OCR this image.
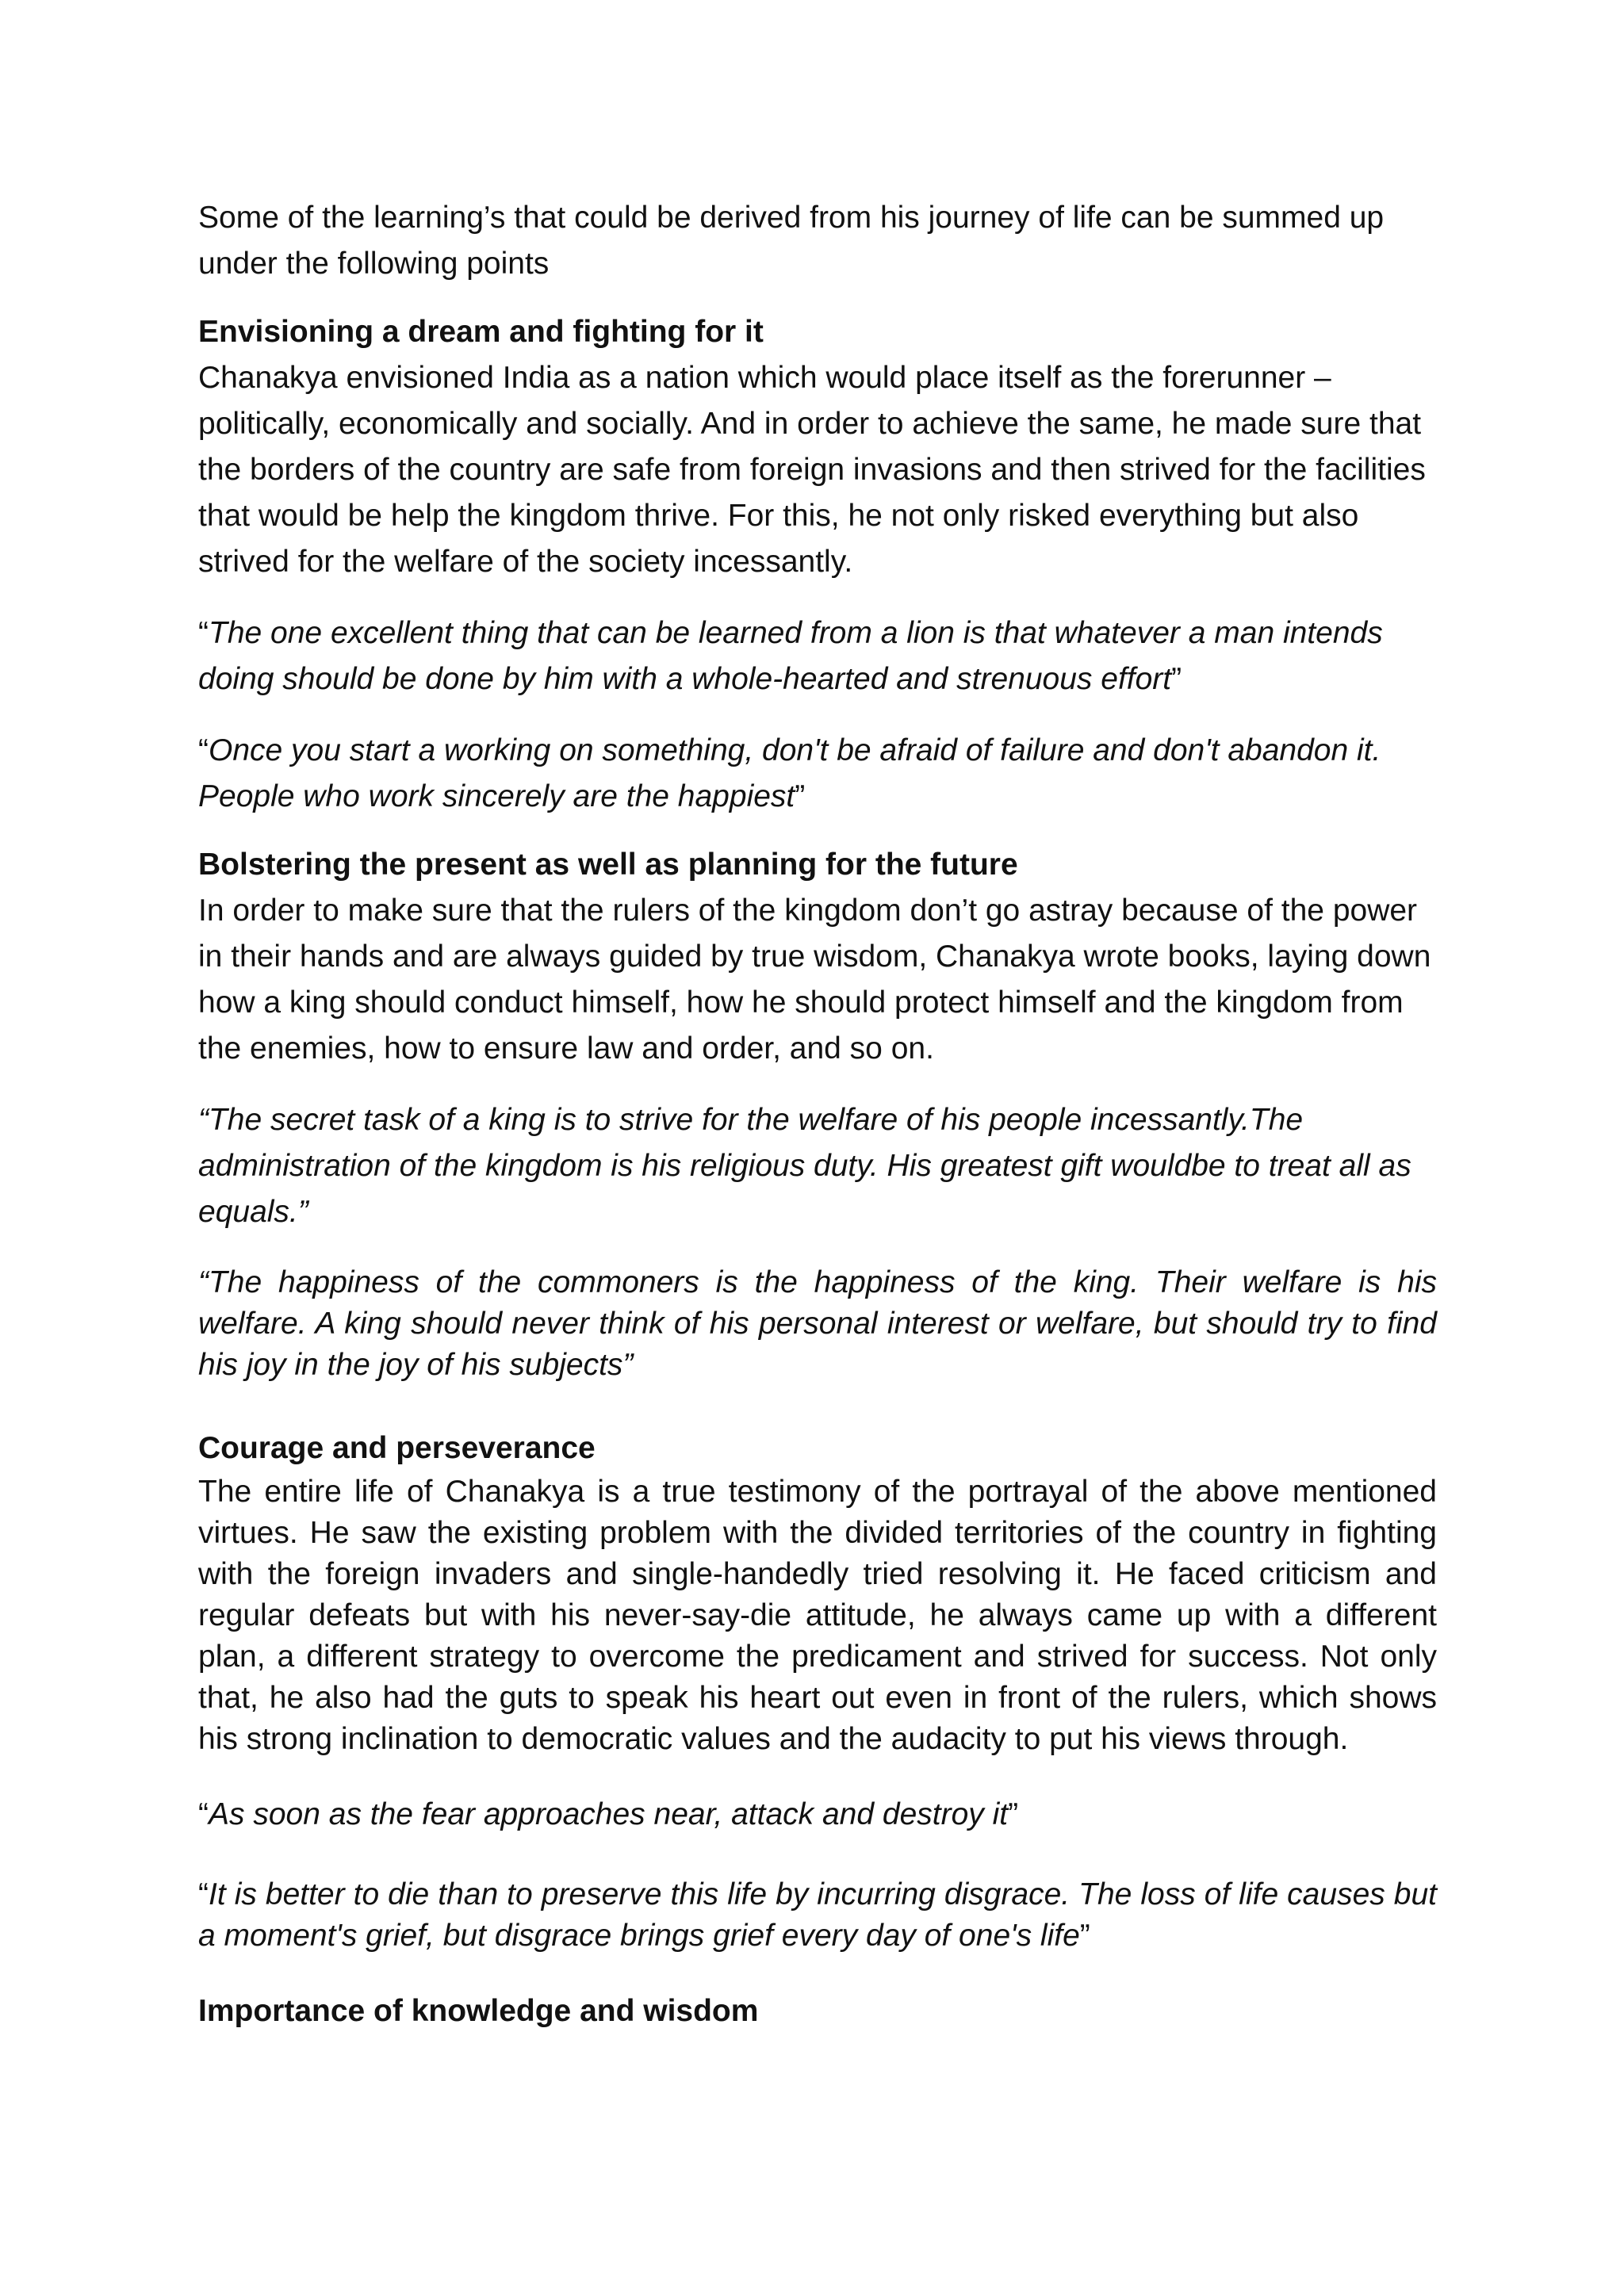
Some of the learning’s that could be derived from his journey of life can be summed up under the following points

Envisioning a dream and fighting for it

Chanakya envisioned India as a nation which would place itself as the forerunner – politically, economically and socially. And in order to achieve the same, he made sure that the borders of the country are safe from foreign invasions and then strived for the facilities that would be help the kingdom thrive. For this, he not only risked everything but also strived for the welfare of the society incessantly.

“The one excellent thing that can be learned from a lion is that whatever a man intends doing should be done by him with a whole-hearted and strenuous effort”

“Once you start a working on something, don't be afraid of failure and don't abandon it. People who work sincerely are the happiest”

Bolstering the present as well as planning for the future

In order to make sure that the rulers of the kingdom don’t go astray because of the power in their hands and are always guided by true wisdom, Chanakya wrote books, laying down how a king should conduct himself, how he should protect himself and the kingdom from the enemies, how to ensure law and order, and so on.

“The secret task of a king is to strive for the welfare of his people incessantly.The administration of the kingdom is his religious duty. His greatest gift wouldbe to treat all as equals.”

“The happiness of the commoners is the happiness of the king. Their welfare is his welfare. A king should never think of his personal interest or welfare, but should try to find his joy in the joy of his subjects”

Courage and perseverance

The entire life of Chanakya is a true testimony of the portrayal of the above mentioned virtues. He saw the existing problem with the divided territories of the country in fighting with the foreign invaders and single-handedly tried resolving it. He faced criticism and regular defeats but with his never-say-die attitude, he always came up with a different plan, a different strategy to overcome the predicament and strived for success. Not only that, he also had the guts to speak his heart out even in front of the rulers, which shows his strong inclination to democratic values and the audacity to put his views through.

“As soon as the fear approaches near, attack and destroy it”

“It is better to die than to preserve this life by incurring disgrace. The loss of life causes but a moment's grief, but disgrace brings grief every day of one's life”

Importance of knowledge and wisdom
